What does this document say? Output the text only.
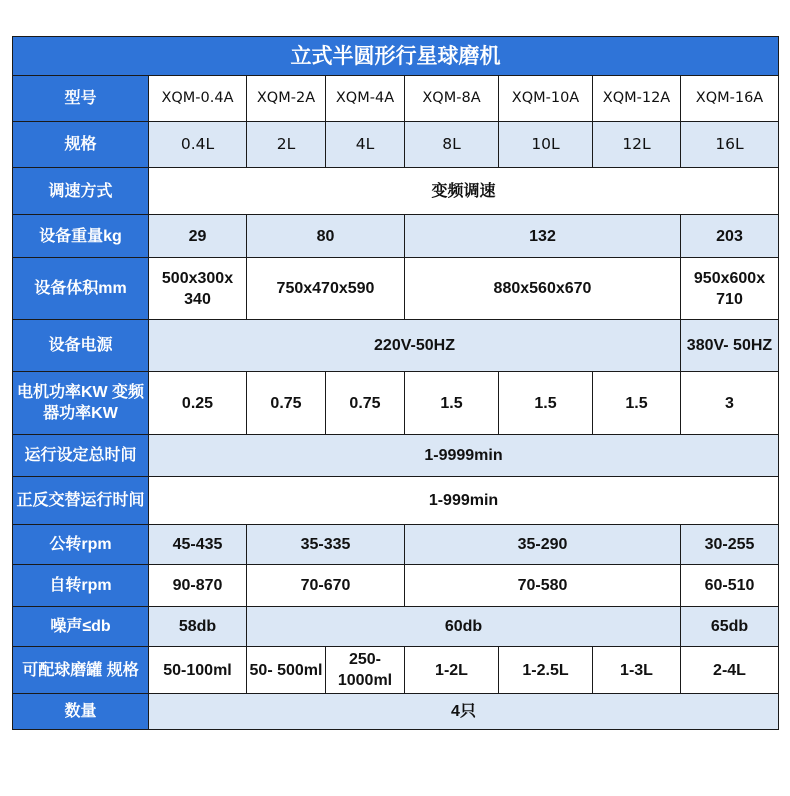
立式半圆形行星球磨机							
型号	XQM-0.4A	XQM-2A	XQM-4A	XQM-8A	XQM-10A	XQM-12A	XQM-16A
规格	0.4L	2L	4L	8L	10L	12L	16L
调速方式	变频调速						
设备重量kg	29	80		132			203
设备体积mm	500x300x 340	750x470x590		880x560x670			950x600x 710
设备电源	220V-50HZ						380V- 50HZ
电机功率KW 变频器功率KW	0.25	0.75	0.75	1.5	1.5	1.5	3
运行设定总时间	1-9999min						
正反交替运行时间	1-999min						
公转rpm	45-435	35-335		35-290			30-255
自转rpm	90-870	70-670		70-580			60-510
噪声≤db	58db	60db					65db
可配球磨罐 规格	50-100ml	50- 500ml	250- 1000ml	1-2L	1-2.5L	1-3L	2-4L
数量	4只						
